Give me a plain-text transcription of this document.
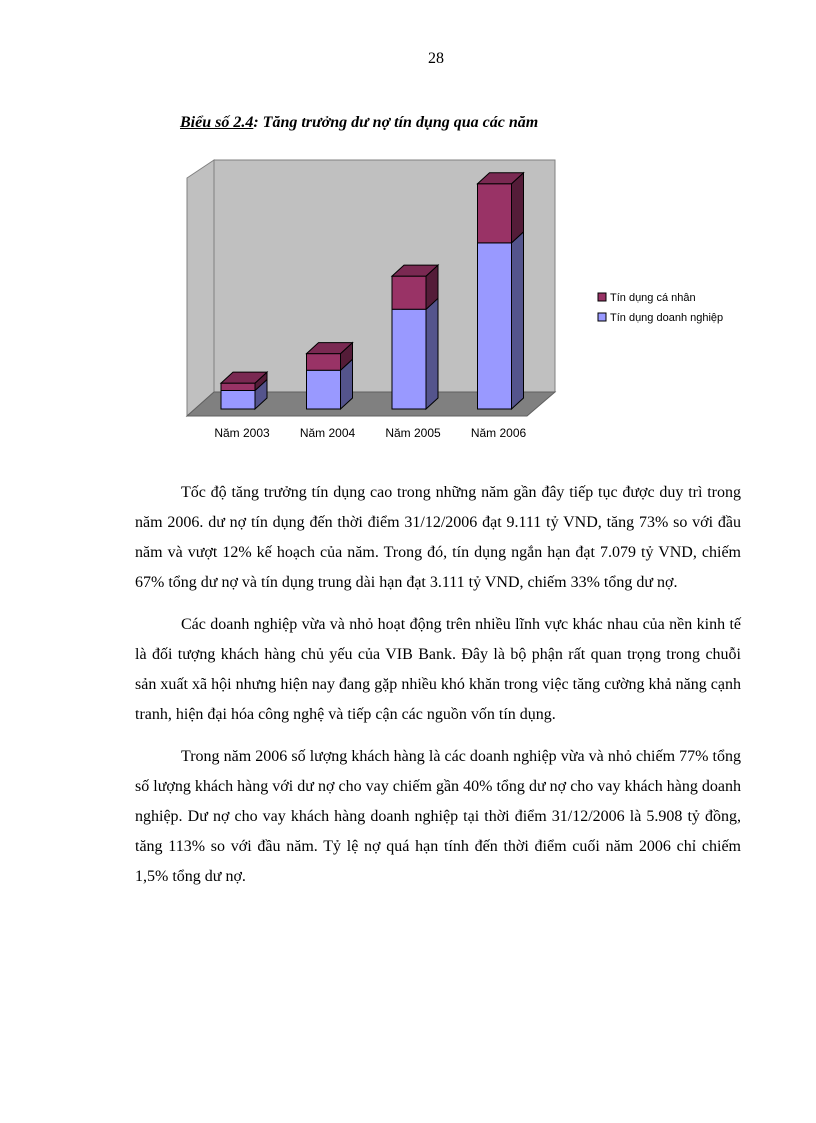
28
Biểu số 2.4: Tăng trưởng dư nợ tín dụng qua các năm
Năm 2003	Năm 2004	Năm 2005	Năm 2006
Tín dụng cá nhân
Tín dụng doanh nghiệp

Tốc độ tăng trưởng tín dụng cao trong những năm gần đây tiếp tục được duy trì trong năm 2006. dư nợ tín dụng đến thời điểm 31/12/2006 đạt 9.111 tỷ VND, tăng 73% so với đầu năm và vượt 12% kế hoạch của năm. Trong đó, tín dụng ngắn hạn đạt 7.079 tỷ VND, chiếm 67% tổng dư nợ và tín dụng trung dài hạn đạt 3.111 tỷ VND, chiếm 33% tổng dư nợ.

Các doanh nghiệp vừa và nhỏ hoạt động trên nhiều lĩnh vực khác nhau của nền kinh tế là đối tượng khách hàng chủ yếu của VIB Bank. Đây là bộ phận rất quan trọng trong chuỗi sản xuất xã hội nhưng hiện nay đang gặp nhiều khó khăn trong việc tăng cường khả năng cạnh tranh, hiện đại hóa công nghệ và tiếp cận các nguồn vốn tín dụng.

Trong năm 2006 số lượng khách hàng là các doanh nghiệp vừa và nhỏ chiếm 77% tổng số lượng khách hàng với dư nợ cho vay chiếm gần 40% tổng dư nợ cho vay khách hàng doanh nghiệp. Dư nợ cho vay khách hàng doanh nghiệp tại thời điểm 31/12/2006 là 5.908 tỷ đồng, tăng 113% so với đầu năm. Tỷ lệ nợ quá hạn tính đến thời điểm cuối năm 2006 chỉ chiếm 1,5% tổng dư nợ.
